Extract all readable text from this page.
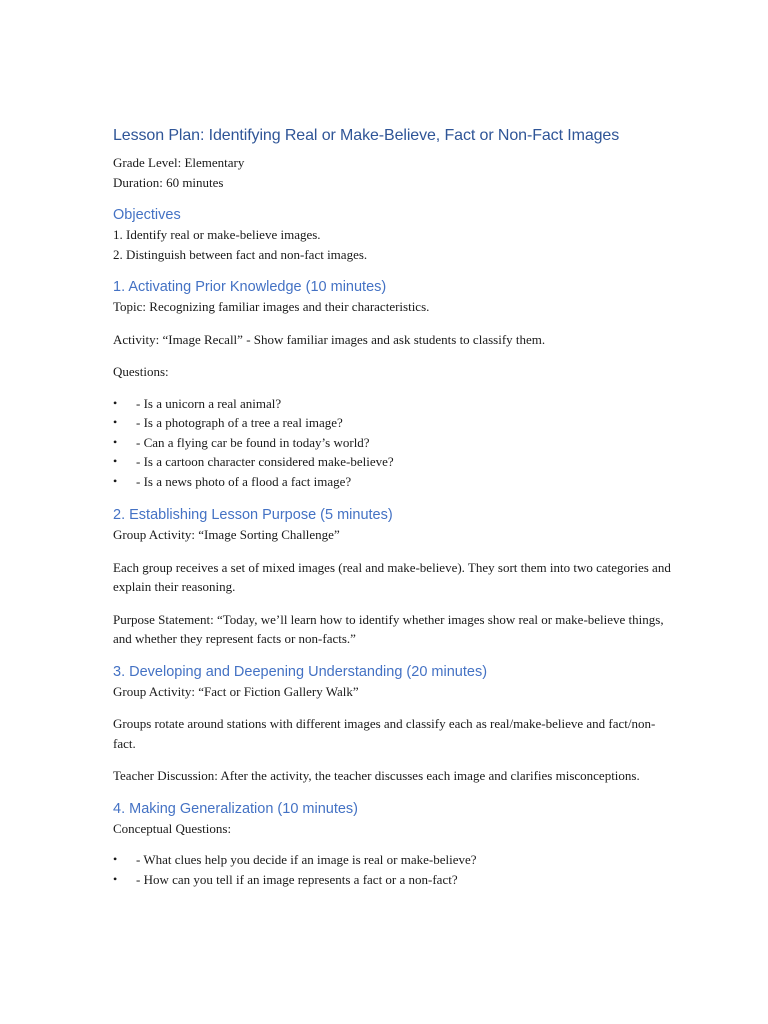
Lesson Plan: Identifying Real or Make-Believe, Fact or Non-Fact Images

Grade Level: Elementary

Duration: 60 minutes

Objectives

1. Identify real or make-believe images.

2. Distinguish between fact and non-fact images.

1. Activating Prior Knowledge (10 minutes)

Topic: Recognizing familiar images and their characteristics.

Activity: “Image Recall” - Show familiar images and ask students to classify them.

Questions:

• - Is a unicorn a real animal?
• - Is a photograph of a tree a real image?
• - Can a flying car be found in today’s world?
• - Is a cartoon character considered make-believe?
• - Is a news photo of a flood a fact image?
2. Establishing Lesson Purpose (5 minutes)

Group Activity: “Image Sorting Challenge”

Each group receives a set of mixed images (real and make-believe). They sort them into two categories and explain their reasoning.

Purpose Statement: “Today, we’ll learn how to identify whether images show real or make-believe things, and whether they represent facts or non-facts.”

3. Developing and Deepening Understanding (20 minutes)

Group Activity: “Fact or Fiction Gallery Walk”

Groups rotate around stations with different images and classify each as real/make-believe and fact/non-fact.

Teacher Discussion: After the activity, the teacher discusses each image and clarifies misconceptions.

4. Making Generalization (10 minutes)

Conceptual Questions:

• - What clues help you decide if an image is real or make-believe?
• - How can you tell if an image represents a fact or a non-fact?
